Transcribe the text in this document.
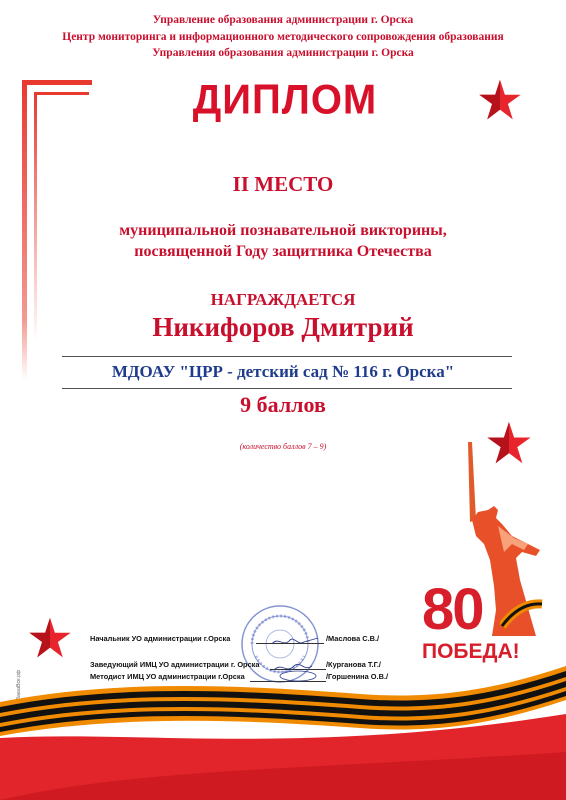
Управление образования администрации г. Орска
Центр мониторинга и информационного методического сопровождения образования
Управления образования администрации г. Орска
ДИПЛОМ
II МЕСТО
муниципальной познавательной викторины,
посвященной Году защитника Отечества
НАГРАЖДАЕТСЯ
Никифоров Дмитрий
МДОАУ "ЦРР - детский сад № 116 г. Орска"
9 баллов
(количество баллов 7 – 9)
80
ПОБЕДА!
Начальник УО администрации г.Орска	/Маслова С.В./
Заведующий ИМЦ УО администрации г. Орска	/Курганова Т.Г./
Методист ИМЦ УО администрации г.Орска	/Горшенина О.В./
ЗаказВсе.рф
